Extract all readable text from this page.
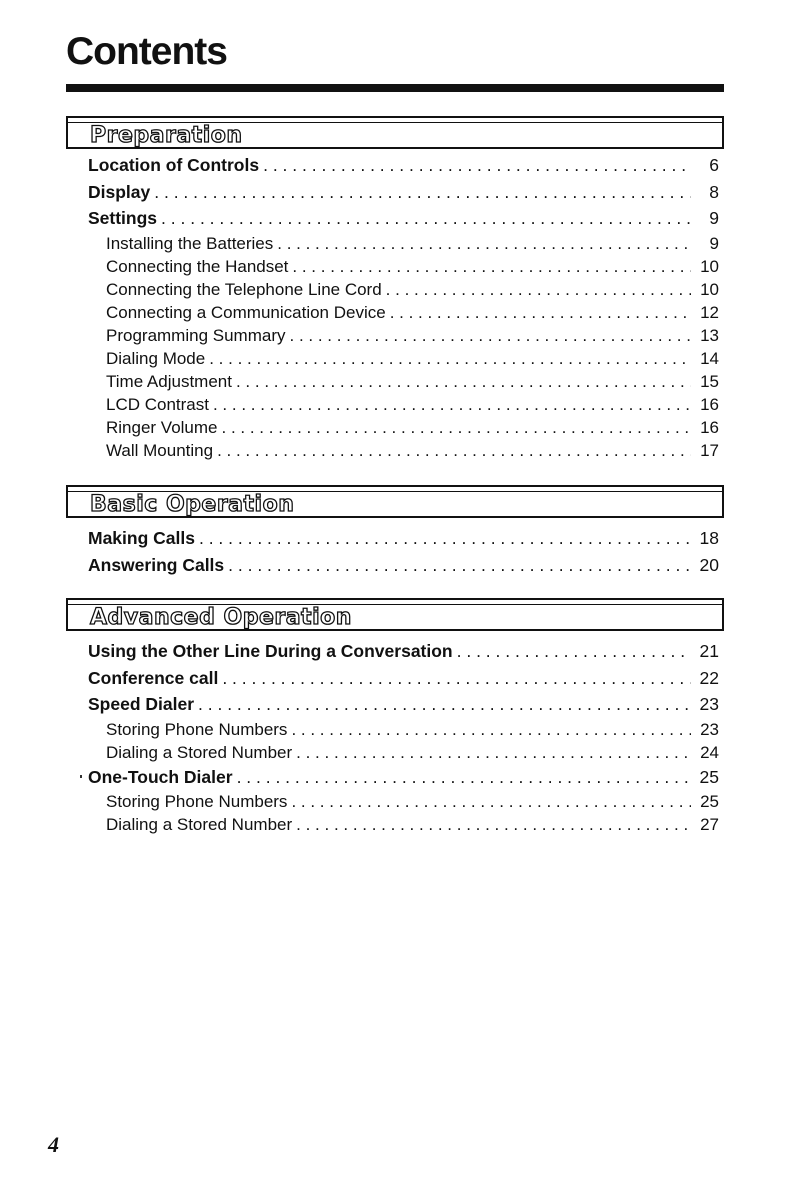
Contents
Preparation
Location of Controls . . .	6
Display . . .	8
Settings . . .	9
Installing the Batteries . . .	9
Connecting the Handset . . .	10
Connecting the Telephone Line Cord . . .	10
Connecting a Communication Device . . .	12
Programming Summary . . .	13
Dialing Mode . . .	14
Time Adjustment . . .	15
LCD Contrast . . .	16
Ringer Volume . . .	16
Wall Mounting . . .	17
Basic Operation
Making Calls . . .	18
Answering Calls . . .	20
Advanced Operation
Using the Other Line During a Conversation . . .	21
Conference call . . .	22
Speed Dialer . . .	23
Storing Phone Numbers . . .	23
Dialing a Stored Number . . .	24
One-Touch Dialer . . .	25
Storing Phone Numbers . . .	25
Dialing a Stored Number . . .	27
4
